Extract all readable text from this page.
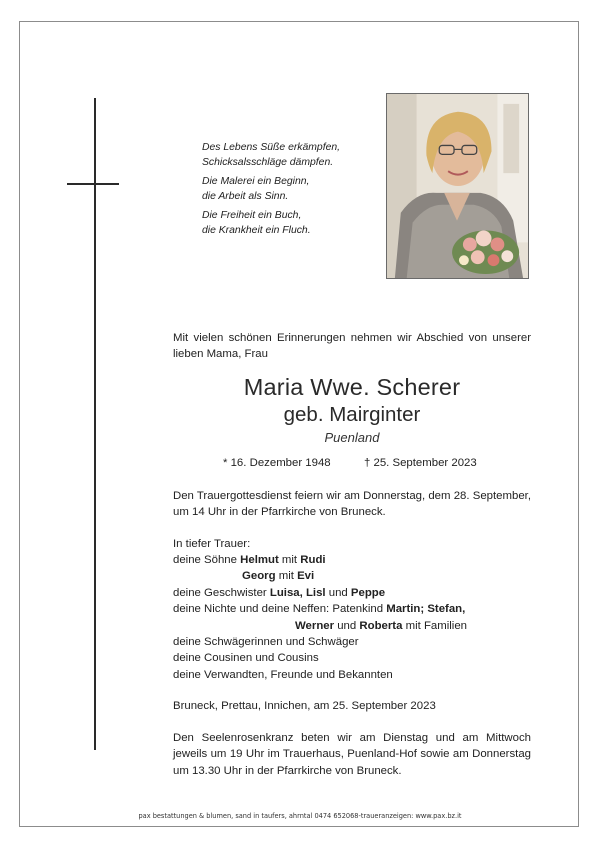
Des Lebens Süße erkämpfen,
Schicksalsschläge dämpfen.
Die Malerei ein Beginn,
die Arbeit als Sinn.
Die Freiheit ein Buch,
die Krankheit ein Fluch.
Mit vielen schönen Erinnerungen nehmen wir Abschied von unserer lieben Mama, Frau
Maria Wwe. Scherer
geb. Mairginter
Puenland
* 16. Dezember 1948	† 25. September 2023
Den Trauergottesdienst feiern wir am Donnerstag, dem 28. September, um 14 Uhr in der Pfarrkirche von Bruneck.
In tiefer Trauer:
deine Söhne Helmut mit Rudi
Georg mit Evi
deine Geschwister Luisa, Lisl und Peppe
deine Nichte und deine Neffen: Patenkind Martin; Stefan,
Werner und Roberta mit Familien
deine Schwägerinnen und Schwäger
deine Cousinen und Cousins
deine Verwandten, Freunde und Bekannten
Bruneck, Prettau, Innichen, am 25. September 2023
Den Seelenrosenkranz beten wir am Dienstag und am Mittwoch jeweils um 19 Uhr im Trauerhaus, Puenland-Hof sowie am Donnerstag um 13.30 Uhr in der Pfarrkirche von Bruneck.
pax bestattungen & blumen, sand in taufers, ahrntal 0474 652068-traueranzeigen: www.pax.bz.it
